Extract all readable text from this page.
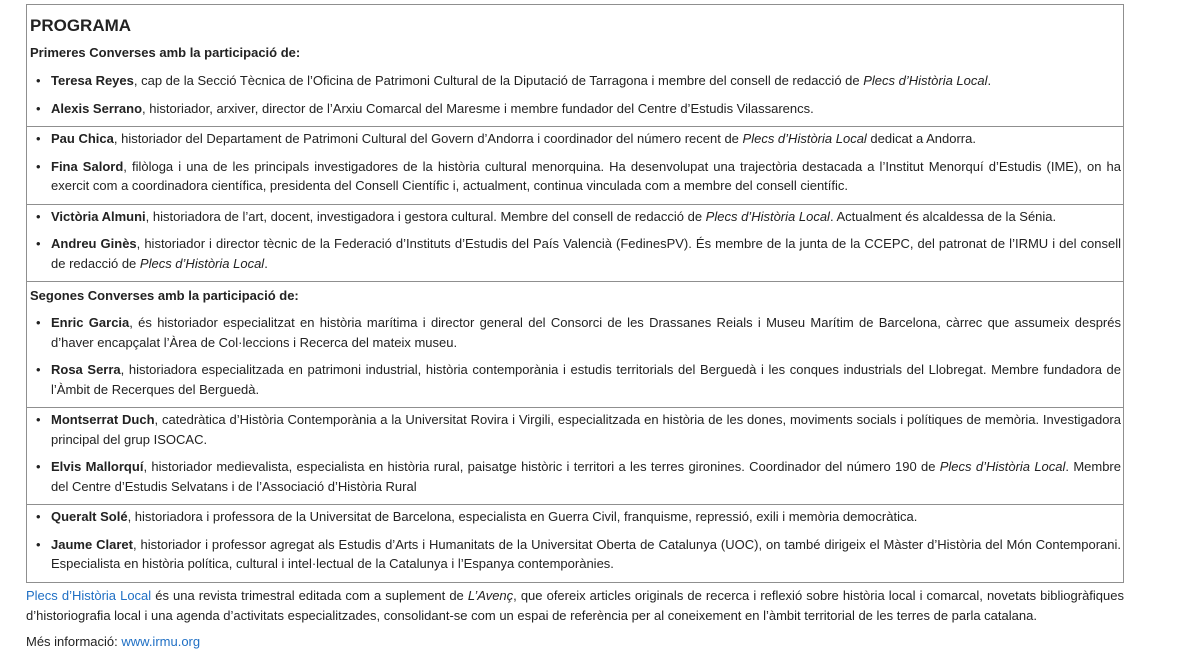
PROGRAMA
Primeres Converses amb la participació de:
• Teresa Reyes, cap de la Secció Tècnica de l’Oficina de Patrimoni Cultural de la Diputació de Tarragona i membre del consell de redacció de Plecs d’Història Local.
• Alexis Serrano, historiador, arxiver, director de l’Arxiu Comarcal del Maresme i membre fundador del Centre d’Estudis Vilassarencs.
• Pau Chica, historiador del Departament de Patrimoni Cultural del Govern d’Andorra i coordinador del número recent de Plecs d’Història Local dedicat a Andorra.
• Fina Salord, filòloga i una de les principals investigadores de la història cultural menorquina. Ha desenvolupat una trajectòria destacada a l’Institut Menorquí d’Estudis (IME), on ha exercit com a coordinadora científica, presidenta del Consell Científic i, actualment, continua vinculada com a membre del consell científic.
• Victòria Almuni, historiadora de l’art, docent, investigadora i gestora cultural. Membre del consell de redacció de Plecs d’Història Local. Actualment és alcaldessa de la Sénia.
• Andreu Ginès, historiador i director tècnic de la Federació d’Instituts d’Estudis del País Valencià (FedinesPV). És membre de la junta de la CCEPC, del patronat de l’IRMU i del consell de redacció de Plecs d’Història Local.
Segones Converses amb la participació de:
• Enric Garcia, és historiador especialitzat en història marítima i director general del Consorci de les Drassanes Reials i Museu Marítim de Barcelona, càrrec que assumeix després d’haver encapçalat l’Àrea de Col·leccions i Recerca del mateix museu.
• Rosa Serra, historiadora especialitzada en patrimoni industrial, història contemporània i estudis territorials del Berguedà i les conques industrials del Llobregat. Membre fundadora de l’Àmbit de Recerques del Berguedà.
• Montserrat Duch, catedràtica d’Història Contemporània a la Universitat Rovira i Virgili, especialitzada en història de les dones, moviments socials i polítiques de memòria. Investigadora principal del grup ISOCAC.
• Elvis Mallorquí, historiador medievalista, especialista en història rural, paisatge històric i territori a les terres gironines. Coordinador del número 190 de Plecs d’Història Local. Membre del Centre d’Estudis Selvatans i de l’Associació d’Història Rural
• Queralt Solé, historiadora i professora de la Universitat de Barcelona, especialista en Guerra Civil, franquisme, repressió, exili i memòria democràtica.
• Jaume Claret, historiador i professor agregat als Estudis d’Arts i Humanitats de la Universitat Oberta de Catalunya (UOC), on també dirigeix el Màster d’Història del Món Contemporani. Especialista en història política, cultural i intel·lectual de la Catalunya i l’Espanya contemporànies.
Plecs d’Història Local és una revista trimestral editada com a suplement de L’Avenç, que ofereix articles originals de recerca i reflexió sobre història local i comarcal, novetats bibliogràfiques d’historiografia local i una agenda d’activitats especialitzades, consolidant-se com un espai de referència per al coneixement en l’àmbit territorial de les terres de parla catalana.
Més informació: www.irmu.org
